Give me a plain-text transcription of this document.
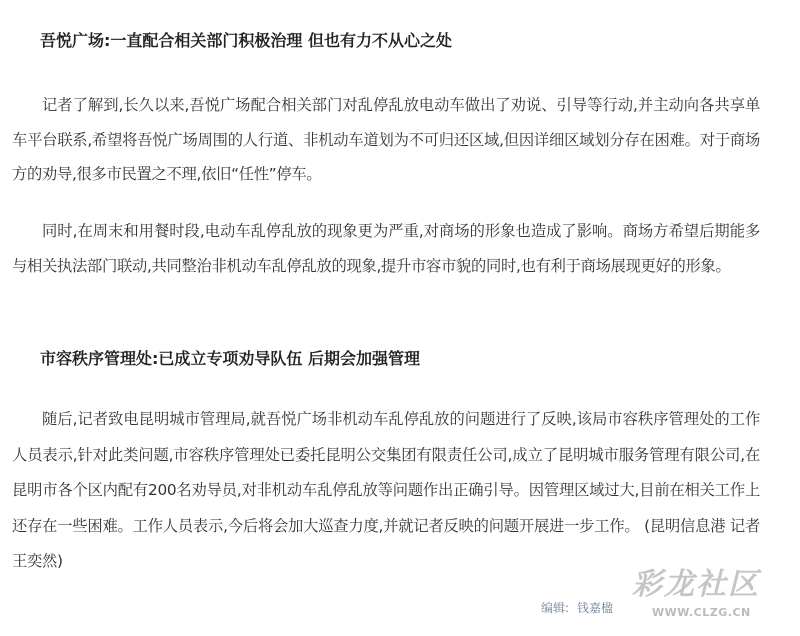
吾悦广场:一直配合相关部门积极治理 但也有力不从心之处

记者了解到,长久以来,吾悦广场配合相关部门对乱停乱放电动车做出了劝说、引导等行动,并主动向各共享单车平台联系,希望将吾悦广场周围的人行道、非机动车道划为不可归还区域,但因详细区域划分存在困难。对于商场方的劝导,很多市民置之不理,依旧“任性”停车。

同时,在周末和用餐时段,电动车乱停乱放的现象更为严重,对商场的形象也造成了影响。商场方希望后期能多与相关执法部门联动,共同整治非机动车乱停乱放的现象,提升市容市貌的同时,也有利于商场展现更好的形象。

市容秩序管理处:已成立专项劝导队伍 后期会加强管理

随后,记者致电昆明城市管理局,就吾悦广场非机动车乱停乱放的问题进行了反映,该局市容秩序管理处的工作人员表示,针对此类问题,市容秩序管理处已委托昆明公交集团有限责任公司,成立了昆明城市服务管理有限公司,在昆明市各个区内配有200名劝导员,对非机动车乱停乱放等问题作出正确引导。因管理区域过大,目前在相关工作上还存在一些困难。工作人员表示,今后将会加大巡查力度,并就记者反映的问题开展进一步工作。 (昆明信息港 记者王奕然)

编辑: 钱嘉楹
彩龙社区
WWW.CLZG.CN
